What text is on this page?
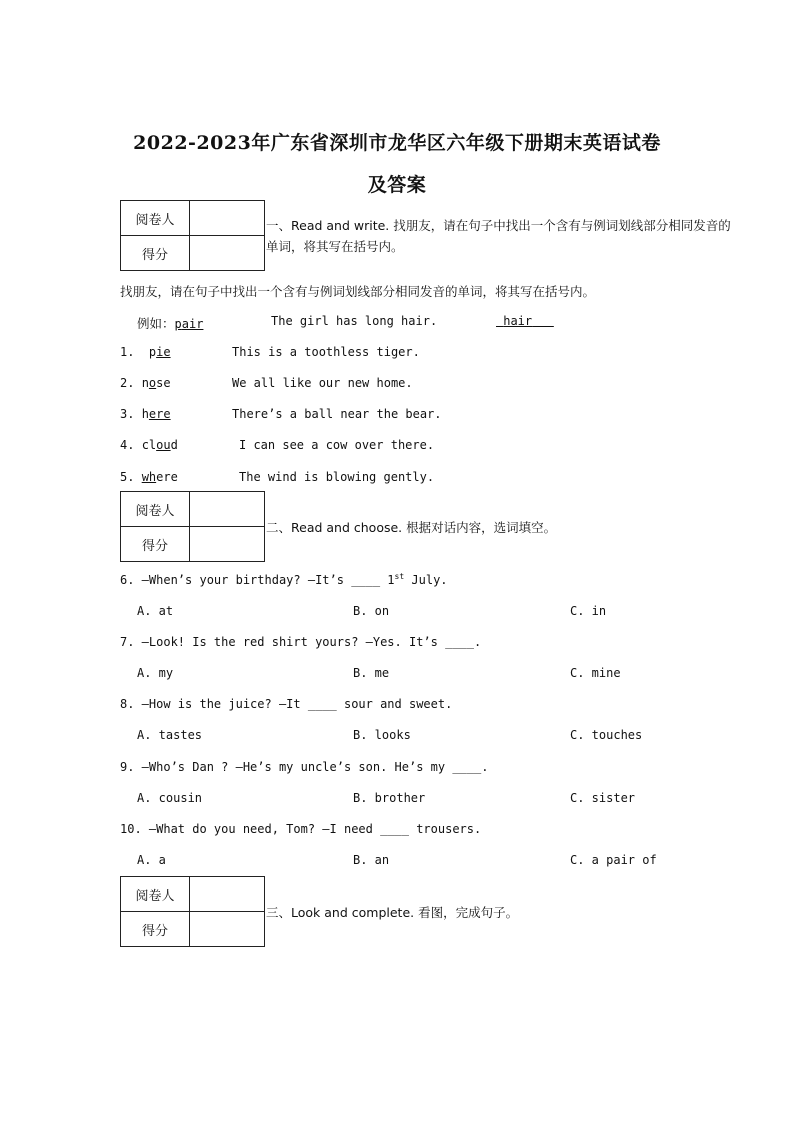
2022-2023年广东省深圳市龙华区六年级下册期末英语试卷
及答案
阅卷人	
得分	
一、Read and write. 找朋友，请在句子中找出一个含有与例词划线部分相同发音的
单词，将其写在括号内。
找朋友，请在句子中找出一个含有与例词划线部分相同发音的单词，将其写在括号内。
例如：pair	The girl has long hair.	hair
1. pie	This is a toothless tiger.
2. nose	We all like our new home.
3. here	There’s a ball near the bear.
4. cloud	I can see a cow over there.
5. where	The wind is blowing gently.
阅卷人	
得分	
二、Read and choose. 根据对话内容，选词填空。
6. —When’s your birthday? —It’s ____ 1st July.
A. at	B. on	C. in
7. —Look! Is the red shirt yours? —Yes. It’s ____.
A. my	B. me	C. mine
8. —How is the juice? —It ____ sour and sweet.
A. tastes	B. looks	C. touches
9. —Who’s Dan ? —He’s my uncle’s son. He’s my ____.
A. cousin	B. brother	C. sister
10. —What do you need, Tom? —I need ____ trousers.
A. a	B. an	C. a pair of
阅卷人	
得分	
三、Look and complete. 看图，完成句子。
